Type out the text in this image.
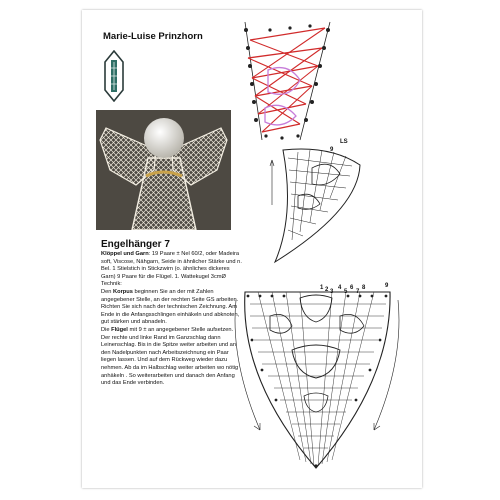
Marie-Luise Prinzhorn
Engelhänger 7

Klöppel und Garn: 19 Paare ± Nel 60/2, oder Madeira soft, Viscose, Nähgarn, Seide in ähnlicher Stärke und n. Bel. 1 Stielstich in Stickzwirn (o. ähnliches dickeres Garn) 9 Paare für die Flügel. 1. Wattekugel 3cmØ

Technik:

Den Korpus beginnen Sie an der mit Zahlen angegebener Stelle, an der rechten Seite GS arbeiten. Richten Sie sich nach der technischen Zeichnung. Am Ende in die Anfangsschlingen einhäkeln und abknoten, gut stärken und abnadeln.

Die Flügel mit 9 ± an angegebener Stelle aufsetzen. Der rechte und linke Rand im Ganzschlag dann Leinenschlag. Bis in die Spitze weiter arbeiten und an den Nadelpunkten nach Arbeitszeichnung ein Paar liegen lassen. Und auf dem Rückweg wieder dazu nehmen. Ab da im Halbschlag weiter arbeiten wo nötig anhäkeln . So weiterarbeiten und danach den Anfang und das Ende verbinden.

LS
9
1 2 3
4
5
6
7
8	9
